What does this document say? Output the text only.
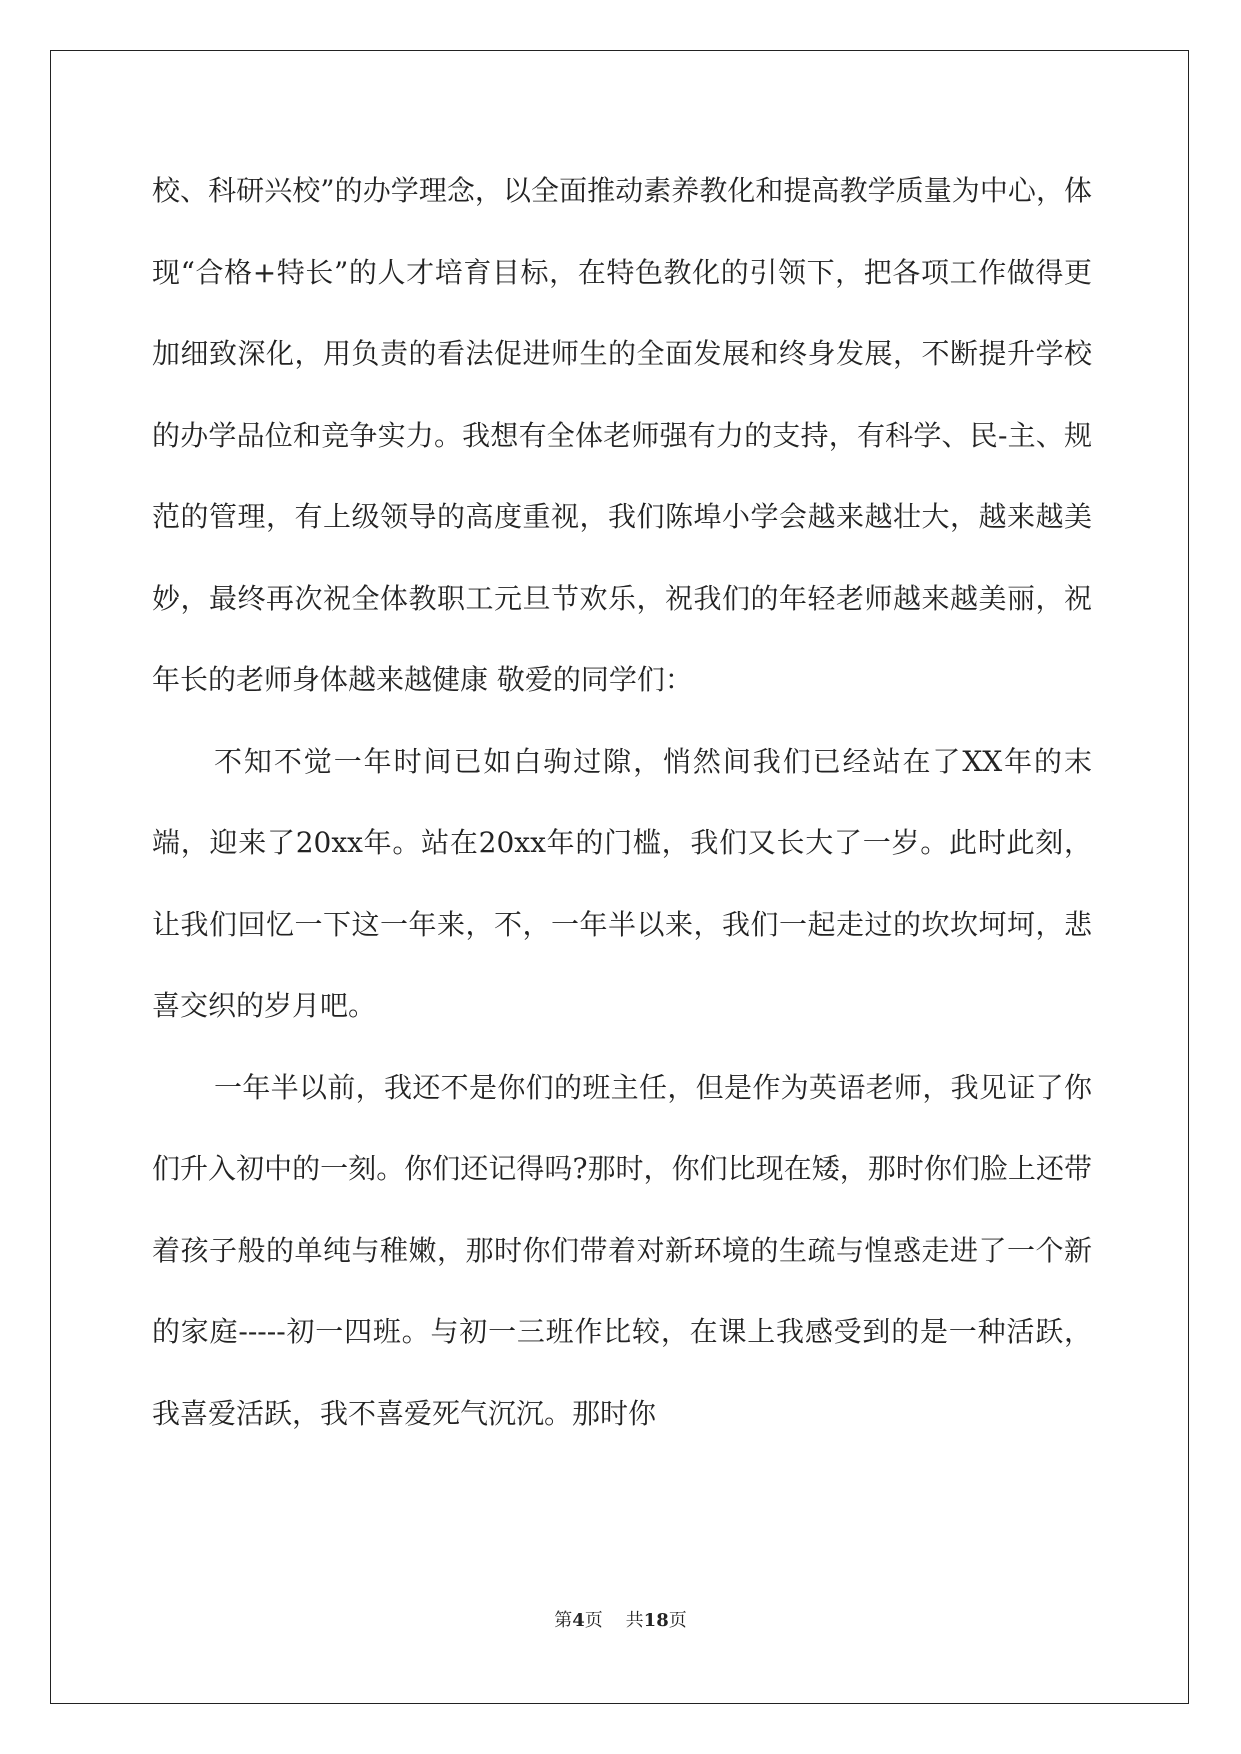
校、科研兴校”的办学理念，以全面推动素养教化和提高教学质量为中心，体现“合格+特长”的人才培育目标，在特色教化的引领下，把各项工作做得更加细致深化，用负责的看法促进师生的全面发展和终身发展，不断提升学校的办学品位和竞争实力。我想有全体老师强有力的支持，有科学、民-主、规范的管理，有上级领导的高度重视，我们陈埠小学会越来越壮大，越来越美妙，最终再次祝全体教职工元旦节欢乐，祝我们的年轻老师越来越美丽，祝年长的老师身体越来越健康 敬爱的同学们：

不知不觉一年时间已如白驹过隙，悄然间我们已经站在了XX年的末端，迎来了20xx年。站在20xx年的门槛，我们又长大了一岁。此时此刻，让我们回忆一下这一年来，不，一年半以来，我们一起走过的坎坎坷坷，悲喜交织的岁月吧。

一年半以前，我还不是你们的班主任，但是作为英语老师，我见证了你们升入初中的一刻。你们还记得吗?那时，你们比现在矮，那时你们脸上还带着孩子般的单纯与稚嫩，那时你们带着对新环境的生疏与惶惑走进了一个新的家庭-----初一四班。与初一三班作比较，在课上我感受到的是一种活跃，我喜爱活跃，我不喜爱死气沉沉。那时你

第4页    共18页
